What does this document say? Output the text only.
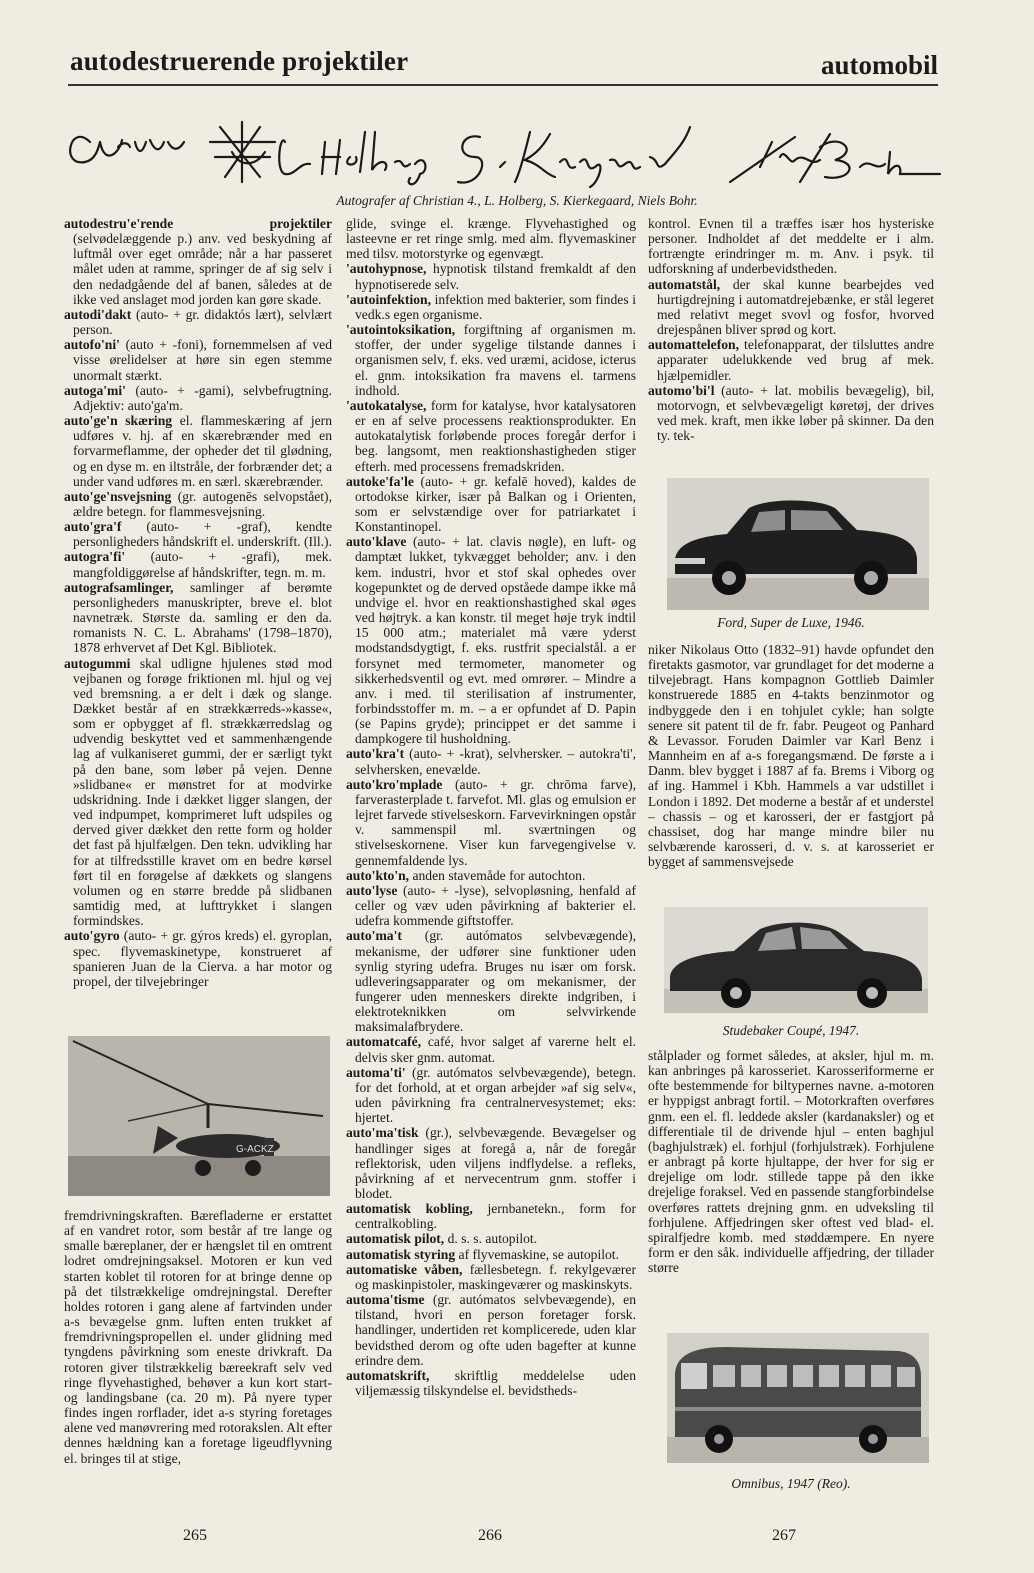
autodestruerende projektiler	automobil
Autografer af Christian 4., L. Holberg, S. Kierkegaard, Niels Bohr.

autodestru'e'rende projektiler (selvødelæggende p.) anv. ved beskydning af luftmål over eget område; når a har passeret målet uden at ramme, springer de af sig selv i den nedadgående del af banen, således at de ikke ved anslaget mod jorden kan gøre skade.

autodi'dakt (auto- + gr. didaktós lært), selvlært person.

autofo'ni' (auto + -foni), fornemmelsen af ved visse ørelidelser at høre sin egen stemme unormalt stærkt.

autoga'mi' (auto- + -gami), selvbefrugtning. Adjektiv: auto'ga'm.

auto'ge'n skæring el. flammeskæring af jern udføres v. hj. af en skærebrænder med en forvarmeflamme, der opheder det til glødning, og en dyse m. en iltstråle, der forbrænder det; a under vand udføres m. en særl. skærebrænder.

auto'ge'nsvejsning (gr. autogenēs selvopstået), ældre betegn. for flammesvejsning.

auto'gra'f (auto- + -graf), kendte personligheders håndskrift el. underskrift. (Ill.).

autogra'fi' (auto- + -grafi), mek. mangfoldiggørelse af håndskrifter, tegn. m. m.

autografsamlinger, samlinger af berømte personligheders manuskripter, breve el. blot navnetræk. Største da. samling er den da. romanists N. C. L. Abrahams' (1798–1870), 1878 erhvervet af Det Kgl. Bibliotek.

autogummi skal udligne hjulenes stød mod vejbanen og forøge friktionen ml. hjul og vej ved bremsning. a er delt i dæk og slange. Dækket består af en strækkærreds-»kasse«, som er opbygget af fl. strækkærredslag og udvendig beskyttet ved et sammenhængende lag af vulkaniseret gummi, der er særligt tykt på den bane, som løber på vejen. Denne »slidbane« er mønstret for at modvirke udskridning. Inde i dækket ligger slangen, der ved indpumpet, komprimeret luft udspiles og derved giver dækket den rette form og holder det fast på hjulfælgen. Den tekn. udvikling har for at tilfredsstille kravet om en bedre kørsel ført til en forøgelse af dækkets og slangens volumen og en større bredde på slidbanen samtidig med, at lufttrykket i slangen formindskes.

auto'gyro (auto- + gr. gýros kreds) el. gyroplan, spec. flyvemaskinetype, konstrueret af spanieren Juan de la Cierva. a har motor og propel, der tilvejebringer

fremdrivningskraften. Bærefladerne er erstattet af en vandret rotor, som består af tre lange og smalle bæreplaner, der er hængslet til en omtrent lodret omdrejningsaksel. Motoren er kun ved starten koblet til rotoren for at bringe denne op på det tilstrækkelige omdrejningstal. Derefter holdes rotoren i gang alene af fartvinden under a-s bevægelse gnm. luften enten trukket af fremdrivningspropellen el. under glidning med tyngdens påvirkning som eneste drivkraft. Da rotoren giver tilstrækkelig bæreekraft selv ved ringe flyvehastighed, behøver a kun kort start- og landingsbane (ca. 20 m). På nyere typer findes ingen rorflader, idet a-s styring foretages alene ved manøvrering med rotorakslen. Alt efter dennes hældning kan a foretage ligeudflyvning el. bringes til at stige,

G-ACKZ

glide, svinge el. krænge. Flyvehastighed og lasteevne er ret ringe smlg. med alm. flyvemaskiner med tilsv. motorstyrke og egenvægt.

'autohypnose, hypnotisk tilstand fremkaldt af den hypnotiserede selv.

'autoinfektion, infektion med bakterier, som findes i vedk.s egen organisme.

'autointoksikation, forgiftning af organismen m. stoffer, der under sygelige tilstande dannes i organismen selv, f. eks. ved uræmi, acidose, icterus el. gnm. intoksikation fra mavens el. tarmens indhold.

'autokatalyse, form for katalyse, hvor katalysatoren er en af selve processens reaktionsprodukter. En autokatalytisk forløbende proces foregår derfor i beg. langsomt, men reaktionshastigheden stiger efterh. med processens fremadskriden.

autoke'fa'le (auto- + gr. kefalē hoved), kaldes de ortodokse kirker, især på Balkan og i Orienten, som er selvstændige over for patriarkatet i Konstantinopel.

auto'klave (auto- + lat. clavis nøgle), en luft- og damptæt lukket, tykvægget beholder; anv. i den kem. industri, hvor et stof skal ophedes over kogepunktet og de derved opståede dampe ikke må undvige el. hvor en reaktionshastighed skal øges ved højtryk. a kan konstr. til meget høje tryk indtil 15 000 atm.; materialet må være yderst modstandsdygtigt, f. eks. rustfrit specialstål. a er forsynet med termometer, manometer og sikkerhedsventil og evt. med omrører. – Mindre a anv. i med. til sterilisation af instrumenter, forbindsstoffer m. m. – a er opfundet af D. Papin (se Papins gryde); princippet er det samme i dampkogere til husholdning.

auto'kra't (auto- + -krat), selvhersker. – autokra'ti', selvhersken, enevælde.

auto'kro'mplade (auto- + gr. chrōma farve), farverasterplade t. farvefot. Ml. glas og emulsion er lejret farvede stivelseskorn. Farvevirkningen opstår v. sammenspil ml. sværtningen og stivelseskornene. Viser kun farvegengivelse v. gennemfaldende lys.

auto'kto'n, anden stavemåde for autochton.

auto'lyse (auto- + -lyse), selvopløsning, henfald af celler og væv uden påvirkning af bakterier el. udefra kommende giftstoffer.

auto'ma't (gr. autómatos selvbevægende), mekanisme, der udfører sine funktioner uden synlig styring udefra. Bruges nu især om forsk. udleveringsapparater og om mekanismer, der fungerer uden menneskers direkte indgriben, i elektroteknikken om selvvirkende maksimalafbrydere.

automatcafé, café, hvor salget af varerne helt el. delvis sker gnm. automat.

automa'ti' (gr. autómatos selvbevægende), betegn. for det forhold, at et organ arbejder »af sig selv«, uden påvirkning fra centralnervesystemet; eks: hjertet.

auto'ma'tisk (gr.), selvbevægende. Bevægelser og handlinger siges at foregå a, når de foregår reflektorisk, uden viljens indflydelse. a refleks, påvirkning af et nervecentrum gnm. stoffer i blodet.

automatisk kobling, jernbanetekn., form for centralkobling.

automatisk pilot, d. s. s. autopilot.

automatisk styring af flyvemaskine, se autopilot.

automatiske våben, fællesbetegn. f. rekylgeværer og maskinpistoler, maskingeværer og maskinskyts.

automa'tisme (gr. autómatos selvbevægende), en tilstand, hvori en person foretager forsk. handlinger, undertiden ret komplicerede, uden klar bevidsthed derom og ofte uden bagefter at kunne erindre dem.

automatskrift, skriftlig meddelelse uden viljemæssig tilskyndelse el. bevidstheds-

kontrol. Evnen til a træffes især hos hysteriske personer. Indholdet af det meddelte er i alm. fortrængte erindringer m. m. Anv. i psyk. til udforskning af underbevidstheden.

automatstål, der skal kunne bearbejdes ved hurtigdrejning i automatdrejebænke, er stål legeret med relativt meget svovl og fosfor, hvorved drejespånen bliver sprød og kort.

automattelefon, telefonapparat, der tilsluttes andre apparater udelukkende ved brug af mek. hjælpemidler.

automo'bi'l (auto- + lat. mobilis bevægelig), bil, motorvogn, et selvbevægeligt køretøj, der drives ved mek. kraft, men ikke løber på skinner. Da den ty. tek-

niker Nikolaus Otto (1832–91) havde opfundet den firetakts gasmotor, var grundlaget for det moderne a tilvejebragt. Hans kompagnon Gottlieb Daimler konstruerede 1885 en 4-takts benzinmotor og indbyggede den i en tohjulet cykle; han solgte senere sit patent til de fr. fabr. Peugeot og Panhard & Levassor. Foruden Daimler var Karl Benz i Mannheim en af a-s foregangsmænd. De første a i Danm. blev bygget i 1887 af fa. Brems i Viborg og af ing. Hammel i Kbh. Hammels a var udstillet i London i 1892. Det moderne a består af et understel – chassis – og et karosseri, der er fastgjort på chassiset, dog har mange mindre biler nu selvbærende karosseri, d. v. s. at karosseriet er bygget af sammensvejsede

stålplader og formet således, at aksler, hjul m. m. kan anbringes på karosseriet. Karosseriformerne er ofte bestemmende for biltypernes navne. a-motoren er hyppigst anbragt fortil. – Motorkraften overføres gnm. een el. fl. leddede aksler (kardanaksler) og et differentiale til de drivende hjul – enten baghjul (baghjulstræk) el. forhjul (forhjulstræk). Forhjulene er anbragt på korte hjultappe, der hver for sig er drejelige om lodr. stillede tappe på den ikke drejelige foraksel. Ved en passende stangforbindelse overføres rattets drejning gnm. en udveksling til forhjulene. Affjedringen sker oftest ved blad- el. spiralfjedre komb. med støddæmpere. En nyere form er den såk. individuelle affjedring, der tillader større

Ford, Super de Luxe, 1946.
Studebaker Coupé, 1947.
Omnibus, 1947 (Reo).
265	266	267
